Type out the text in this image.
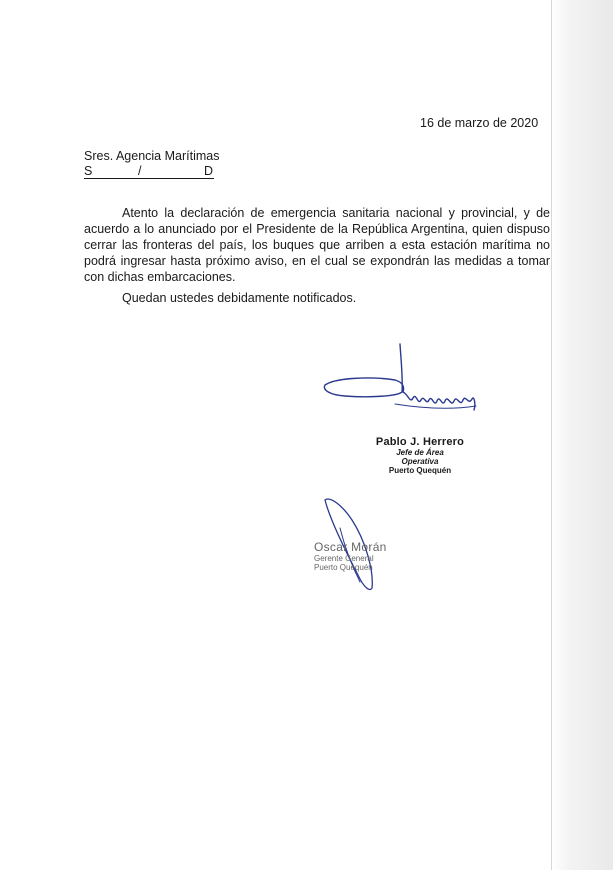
16 de marzo de 2020
Sres. Agencia Marítimas
S	/	D

Atento la declaración de emergencia sanitaria nacional y provincial, y de acuerdo a lo anunciado por el Presidente de la República Argentina, quien dispuso cerrar las fronteras del país, los buques que arriben a esta estación marítima no podrá ingresar hasta próximo aviso, en el cual se expondrán las medidas a tomar con dichas embarcaciones.

Quedan ustedes debidamente notificados.
Pablo J. Herrero
Jefe de Área
Operativa
Puerto Quequén
Oscar Morán
Gerente General
Puerto Quequén
